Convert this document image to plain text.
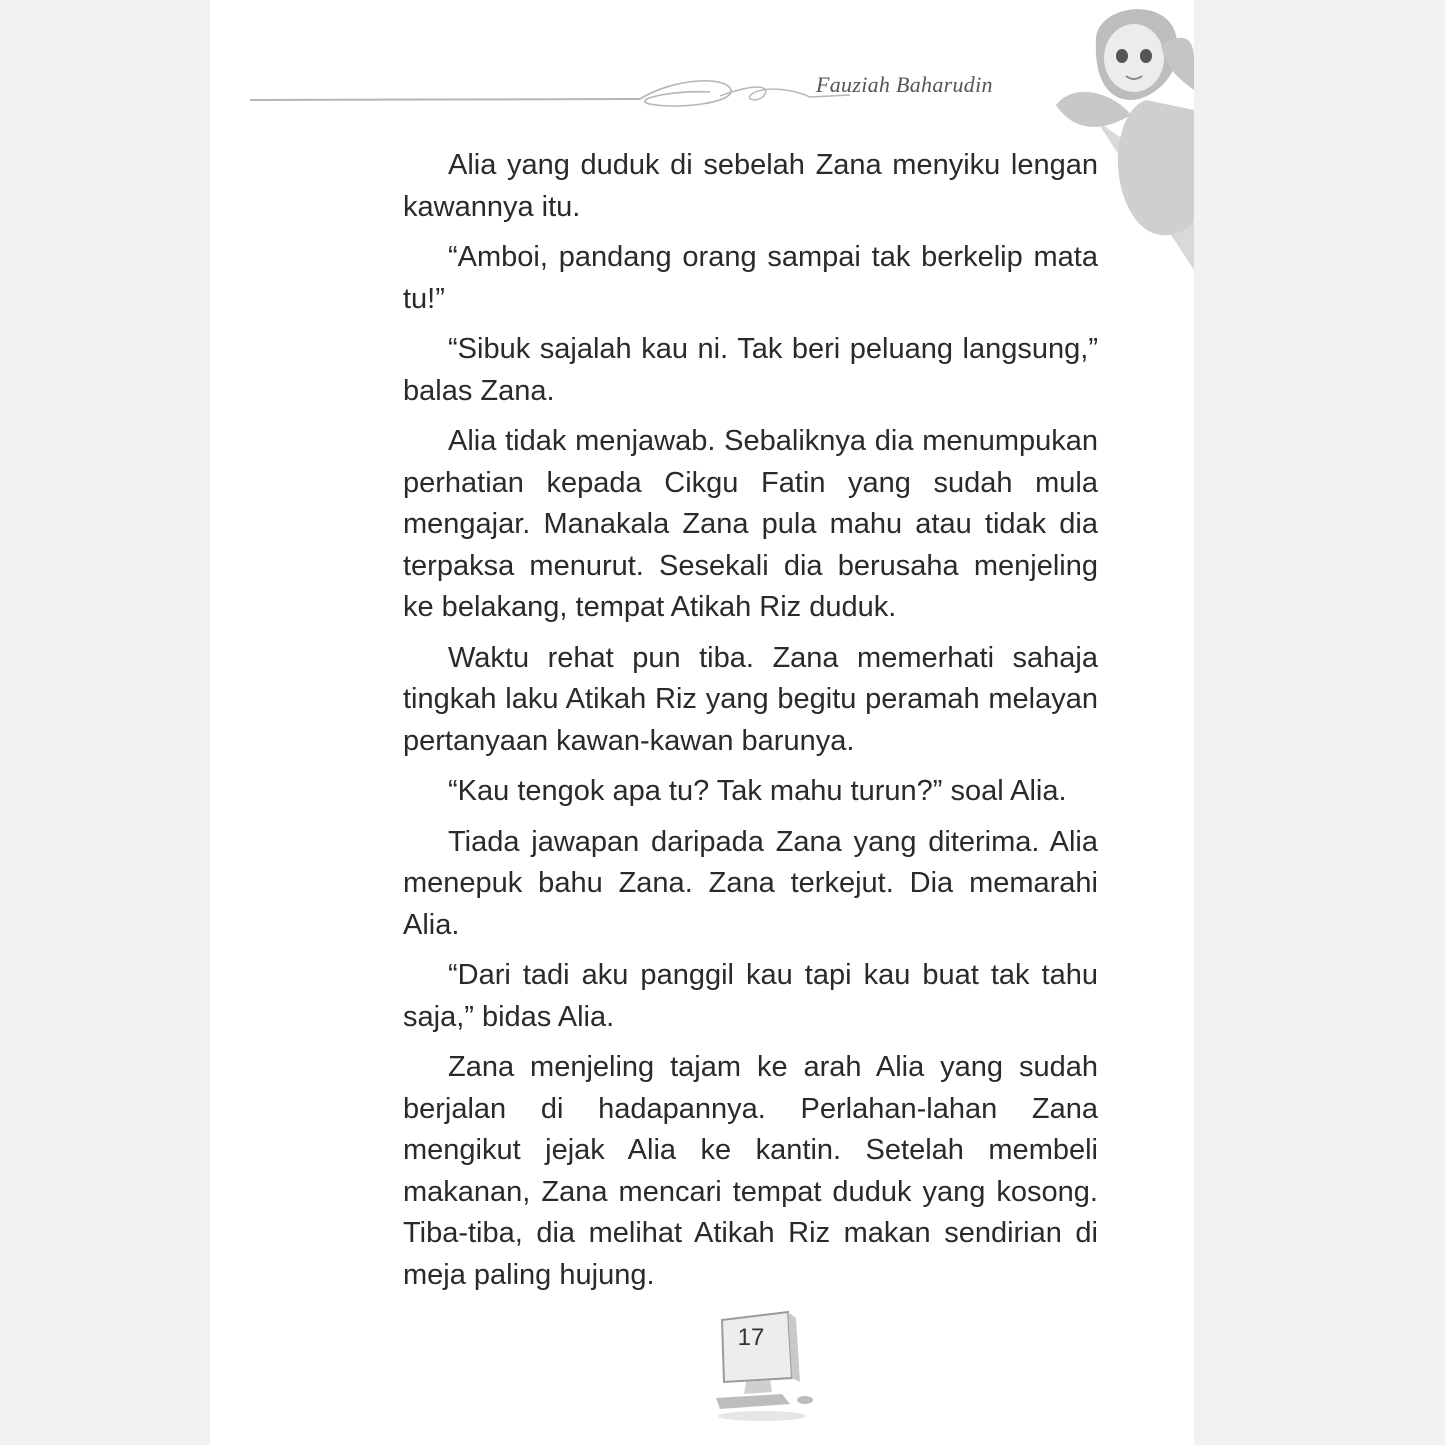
Fauziah Baharudin

Alia yang duduk di sebelah Zana menyiku lengan kawannya itu.

“Amboi, pandang orang sampai tak berkelip mata tu!”

“Sibuk sajalah kau ni. Tak beri peluang langsung,” balas Zana.

Alia tidak menjawab. Sebaliknya dia menumpukan perhatian kepada Cikgu Fatin yang sudah mula mengajar. Manakala Zana pula mahu atau tidak dia terpaksa menurut. Sesekali dia berusaha menjeling ke belakang, tempat Atikah Riz duduk.

Waktu rehat pun tiba. Zana memerhati sahaja tingkah laku Atikah Riz yang begitu peramah melayan pertanyaan kawan-kawan barunya.

“Kau tengok apa tu? Tak mahu turun?” soal Alia.

Tiada jawapan daripada Zana yang diterima. Alia menepuk bahu Zana. Zana terkejut. Dia memarahi Alia.

“Dari tadi aku panggil kau tapi kau buat tak tahu saja,” bidas Alia.

Zana menjeling tajam ke arah Alia yang sudah berjalan di hadapannya. Perlahan-lahan Zana mengikut jejak Alia ke kantin. Setelah membeli makanan, Zana mencari tempat duduk yang kosong. Tiba-tiba, dia melihat Atikah Riz makan sendirian di meja paling hujung.

17
